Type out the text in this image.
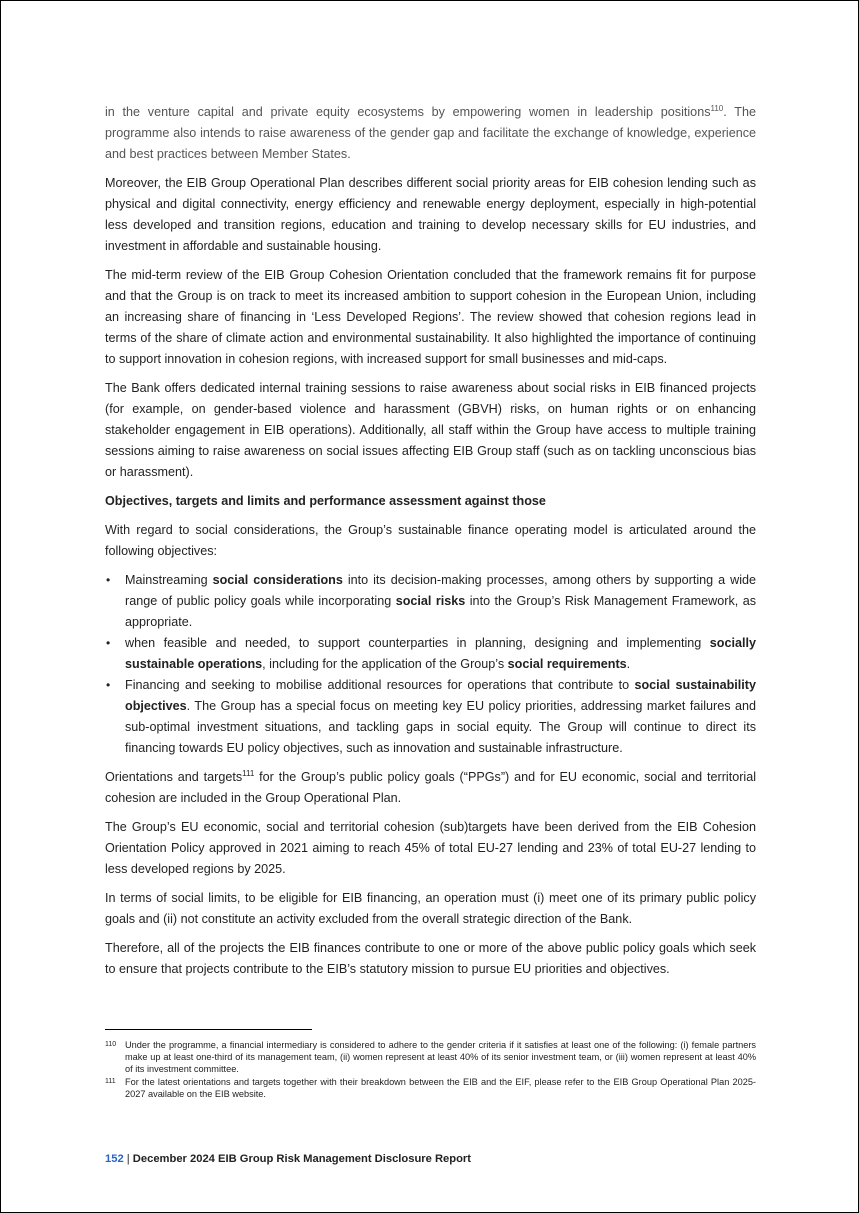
in the venture capital and private equity ecosystems by empowering women in leadership positions$^{110}$. The programme also intends to raise awareness of the gender gap and facilitate the exchange of knowledge, experience and best practices between Member States.

Moreover, the EIB Group Operational Plan describes different social priority areas for EIB cohesion lending such as physical and digital connectivity, energy efficiency and renewable energy deployment, especially in high-potential less developed and transition regions, education and training to develop necessary skills for EU industries, and investment in affordable and sustainable housing.

The mid-term review of the EIB Group Cohesion Orientation concluded that the framework remains fit for purpose and that the Group is on track to meet its increased ambition to support cohesion in the European Union, including an increasing share of financing in ‘Less Developed Regions’. The review showed that cohesion regions lead in terms of the share of climate action and environmental sustainability. It also highlighted the importance of continuing to support innovation in cohesion regions, with increased support for small businesses and mid-caps.

The Bank offers dedicated internal training sessions to raise awareness about social risks in EIB financed projects (for example, on gender-based violence and harassment (GBVH) risks, on human rights or on enhancing stakeholder engagement in EIB operations). Additionally, all staff within the Group have access to multiple training sessions aiming to raise awareness on social issues affecting EIB Group staff (such as on tackling unconscious bias or harassment).

Objectives, targets and limits and performance assessment against those

With regard to social considerations, the Group’s sustainable finance operating model is articulated around the following objectives:

• Mainstreaming social considerations into its decision-making processes, among others by supporting a wide range of public policy goals while incorporating social risks into the Group’s Risk Management Framework, as appropriate.
• when feasible and needed, to support counterparties in planning, designing and implementing socially sustainable operations, including for the application of the Group’s social requirements.
• Financing and seeking to mobilise additional resources for operations that contribute to social sustainability objectives. The Group has a special focus on meeting key EU policy priorities, addressing market failures and sub-optimal investment situations, and tackling gaps in social equity. The Group will continue to direct its financing towards EU policy objectives, such as innovation and sustainable infrastructure.

Orientations and targets$^{111}$ for the Group’s public policy goals (“PPGs”) and for EU economic, social and territorial cohesion are included in the Group Operational Plan.

The Group’s EU economic, social and territorial cohesion (sub)targets have been derived from the EIB Cohesion Orientation Policy approved in 2021 aiming to reach 45% of total EU-27 lending and 23% of total EU-27 lending to less developed regions by 2025.

In terms of social limits, to be eligible for EIB financing, an operation must (i) meet one of its primary public policy goals and (ii) not constitute an activity excluded from the overall strategic direction of the Bank.

Therefore, all of the projects the EIB finances contribute to one or more of the above public policy goals which seek to ensure that projects contribute to the EIB’s statutory mission to pursue EU priorities and objectives.

110 Under the programme, a financial intermediary is considered to adhere to the gender criteria if it satisfies at least one of the following: (i) female partners make up at least one-third of its management team, (ii) women represent at least 40% of its senior investment team, or (iii) women represent at least 40% of its investment committee.
111 For the latest orientations and targets together with their breakdown between the EIB and the EIF, please refer to the EIB Group Operational Plan 2025-2027 available on the EIB website.
152 | December 2024 EIB Group Risk Management Disclosure Report
